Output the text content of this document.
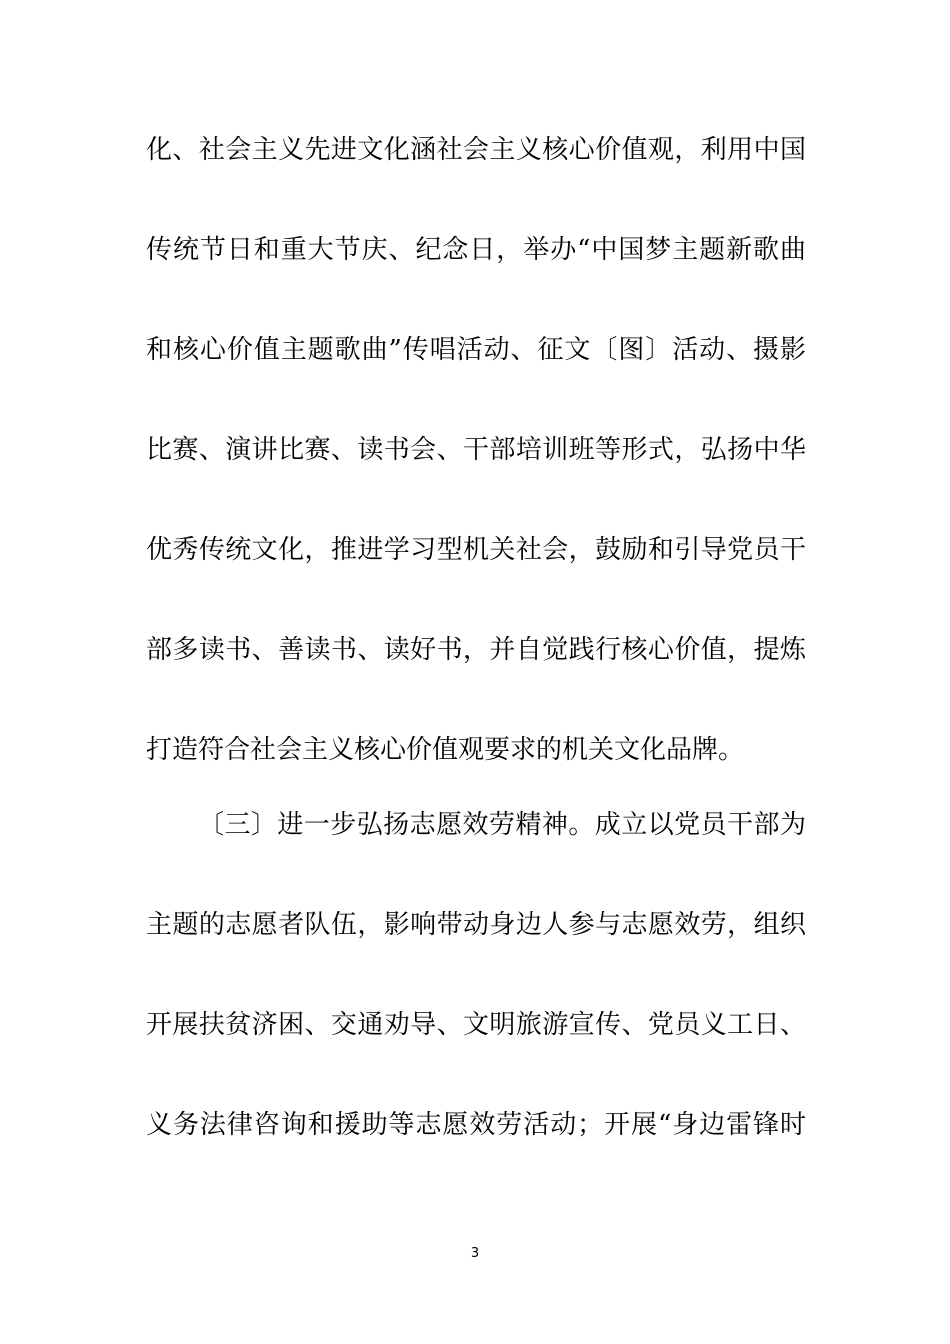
化、社会主义先进文化涵社会主义核心价值观，利用中国
传统节日和重大节庆、纪念日，举办“中国梦主题新歌曲
和核心价值主题歌曲”传唱活动、征文〔图〕活动、摄影
比赛、演讲比赛、读书会、干部培训班等形式，弘扬中华
优秀传统文化，推进学习型机关社会，鼓励和引导党员干
部多读书、善读书、读好书，并自觉践行核心价值，提炼
打造符合社会主义核心价值观要求的机关文化品牌。
〔三〕进一步弘扬志愿效劳精神。成立以党员干部为
主题的志愿者队伍，影响带动身边人参与志愿效劳，组织
开展扶贫济困、交通劝导、文明旅游宣传、党员义工日、
义务法律咨询和援助等志愿效劳活动；开展“身边雷锋时
3
